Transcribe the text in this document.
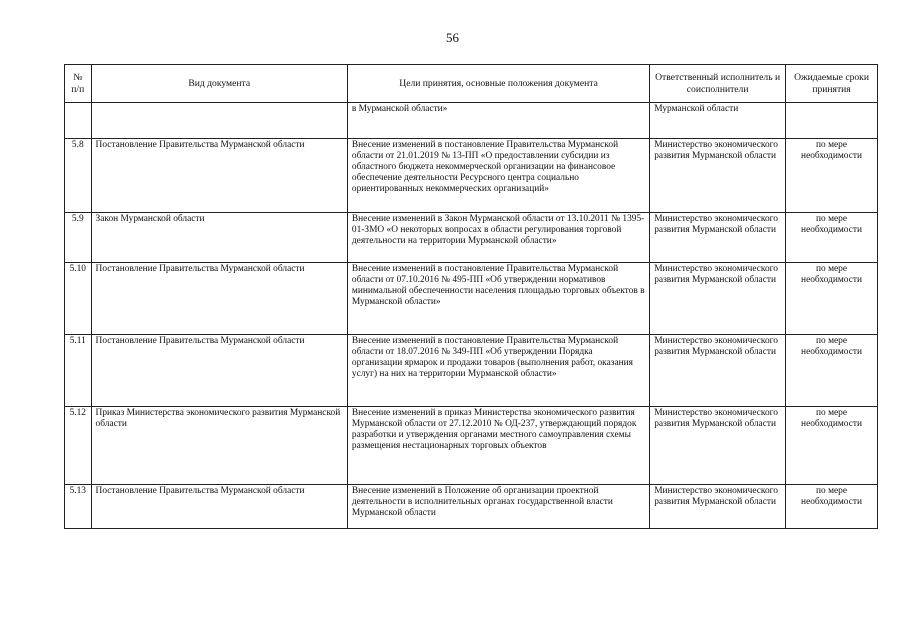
56
№ п/п	Вид документа	Цели принятия, основные положения документа	Ответственный исполнитель и соисполнители	Ожидаемые сроки принятия
		в Мурманской области»	Мурманской области	
5.8	Постановление Правительства Мурманской области	Внесение изменений в постановление Правительства Мурманской области от 21.01.2019 № 13-ПП «О предоставлении субсидии из областного бюджета некоммерческой организации на финансовое обеспечение деятельности Ресурсного центра социально ориентированных некоммерческих организаций»	Министерство экономического развития Мурманской области	по мере необходимости
5.9	Закон Мурманской области	Внесение изменений в Закон Мурманской области от 13.10.2011 № 1395-01-ЗМО «О некоторых вопросах в области регулирования торговой деятельности на территории Мурманской области»	Министерство экономического развития Мурманской области	по мере необходимости
5.10	Постановление Правительства Мурманской области	Внесение изменений в постановление Правительства Мурманской области от 07.10.2016 № 495-ПП «Об утверждении нормативов минимальной обеспеченности населения площадью торговых объектов в Мурманской области»	Министерство экономического развития Мурманской области	по мере необходимости
5.11	Постановление Правительства Мурманской области	Внесение изменений в постановление Правительства Мурманской области от 18.07.2016 № 349-ПП «Об утверждении Порядка организации ярмарок и продажи товаров (выполнения работ, оказания услуг) на них на территории Мурманской области»	Министерство экономического развития Мурманской области	по мере необходимости
5.12	Приказ Министерства экономического развития Мурманской области	Внесение изменений в приказ Министерства экономического развития Мурманской области от 27.12.2010 № ОД-237, утверждающий порядок разработки и утверждения органами местного самоуправления схемы размещения нестационарных торговых объектов	Министерство экономического развития Мурманской области	по мере необходимости
5.13	Постановление Правительства Мурманской области	Внесение изменений в Положение об организации проектной деятельности в исполнительных органах государственной власти Мурманской области	Министерство экономического развития Мурманской области	по мере необходимости
